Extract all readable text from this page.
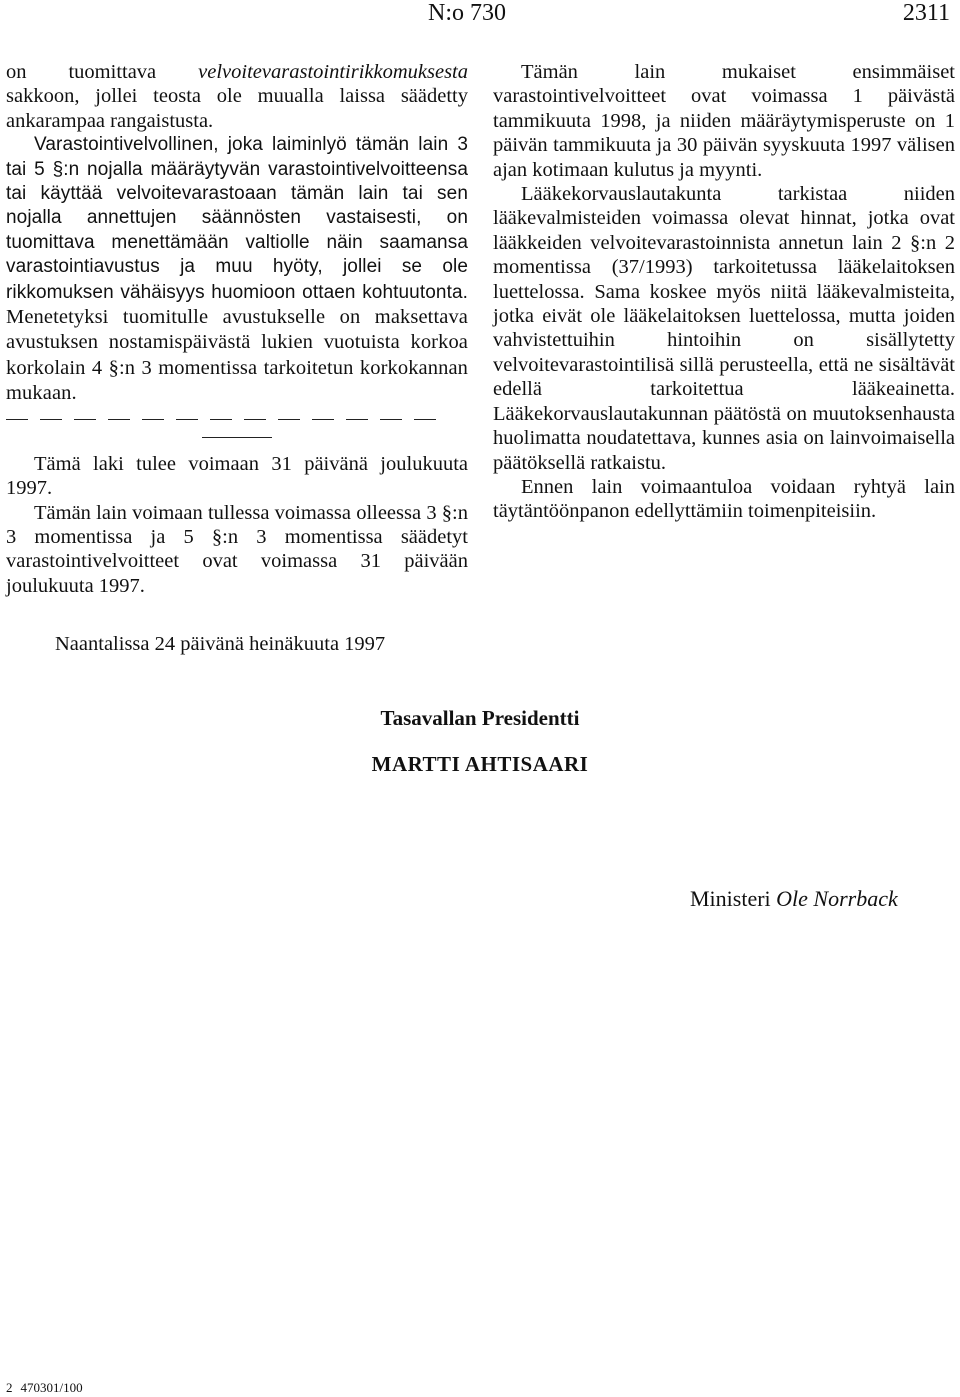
N:o 730	2311

on tuomittava velvoitevarastointirikkomuksesta sakkoon, jollei teosta ole muualla laissa säädetty ankarampaa rangaistusta.

Varastointivelvollinen, joka laiminlyö tämän lain 3 tai 5 §:n nojalla määräytyvän varastointivelvoitteensa tai käyttää velvoitevarastoaan tämän lain tai sen nojalla annettujen säännösten vastaisesti, on tuomittava menettämään valtiolle näin saamansa varastointiavustus ja muu hyöty, jollei se ole rikkomuksen vähäisyys huomioon ottaen kohtuutonta. Menetetyksi tuomitulle avustukselle on maksettava avustuksen nostamispäivästä lukien vuotuista korkoa korkolain 4 §:n 3 momentissa tarkoitetun korkokannan mukaan.

Tämä laki tulee voimaan 31 päivänä joulukuuta 1997.

Tämän lain voimaan tullessa voimassa olleessa 3 §:n 3 momentissa ja 5 §:n 3 momentissa säädetyt varastointivelvoitteet ovat voimassa 31 päivään joulukuuta 1997.

Tämän lain mukaiset ensimmäiset varastointivelvoitteet ovat voimassa 1 päivästä tammikuuta 1998, ja niiden määräytymisperuste on 1 päivän tammikuuta ja 30 päivän syyskuuta 1997 välisen ajan kotimaan kulutus ja myynti.

Lääkekorvauslautakunta tarkistaa niiden lääkevalmisteiden voimassa olevat hinnat, jotka ovat lääkkeiden velvoitevarastoinnista annetun lain 2 §:n 2 momentissa (37/1993) tarkoitetussa lääkelaitoksen luettelossa. Sama koskee myös niitä lääkevalmisteita, jotka eivät ole lääkelaitoksen luettelossa, mutta joiden vahvistettuihin hintoihin on sisällytetty velvoitevarastointilisä sillä perusteella, että ne sisältävät edellä tarkoitettua lääkeainetta. Lääkekorvauslautakunnan päätöstä on muutoksenhausta huolimatta noudatettava, kunnes asia on lainvoimaisella päätöksellä ratkaistu.

Ennen lain voimaantuloa voidaan ryhtyä lain täytäntöönpanon edellyttämiin toimenpiteisiin.

Naantalissa 24 päivänä heinäkuuta 1997
Tasavallan Presidentti
MARTTI AHTISAARI
Ministeri Ole Norrback
2 470301/100
